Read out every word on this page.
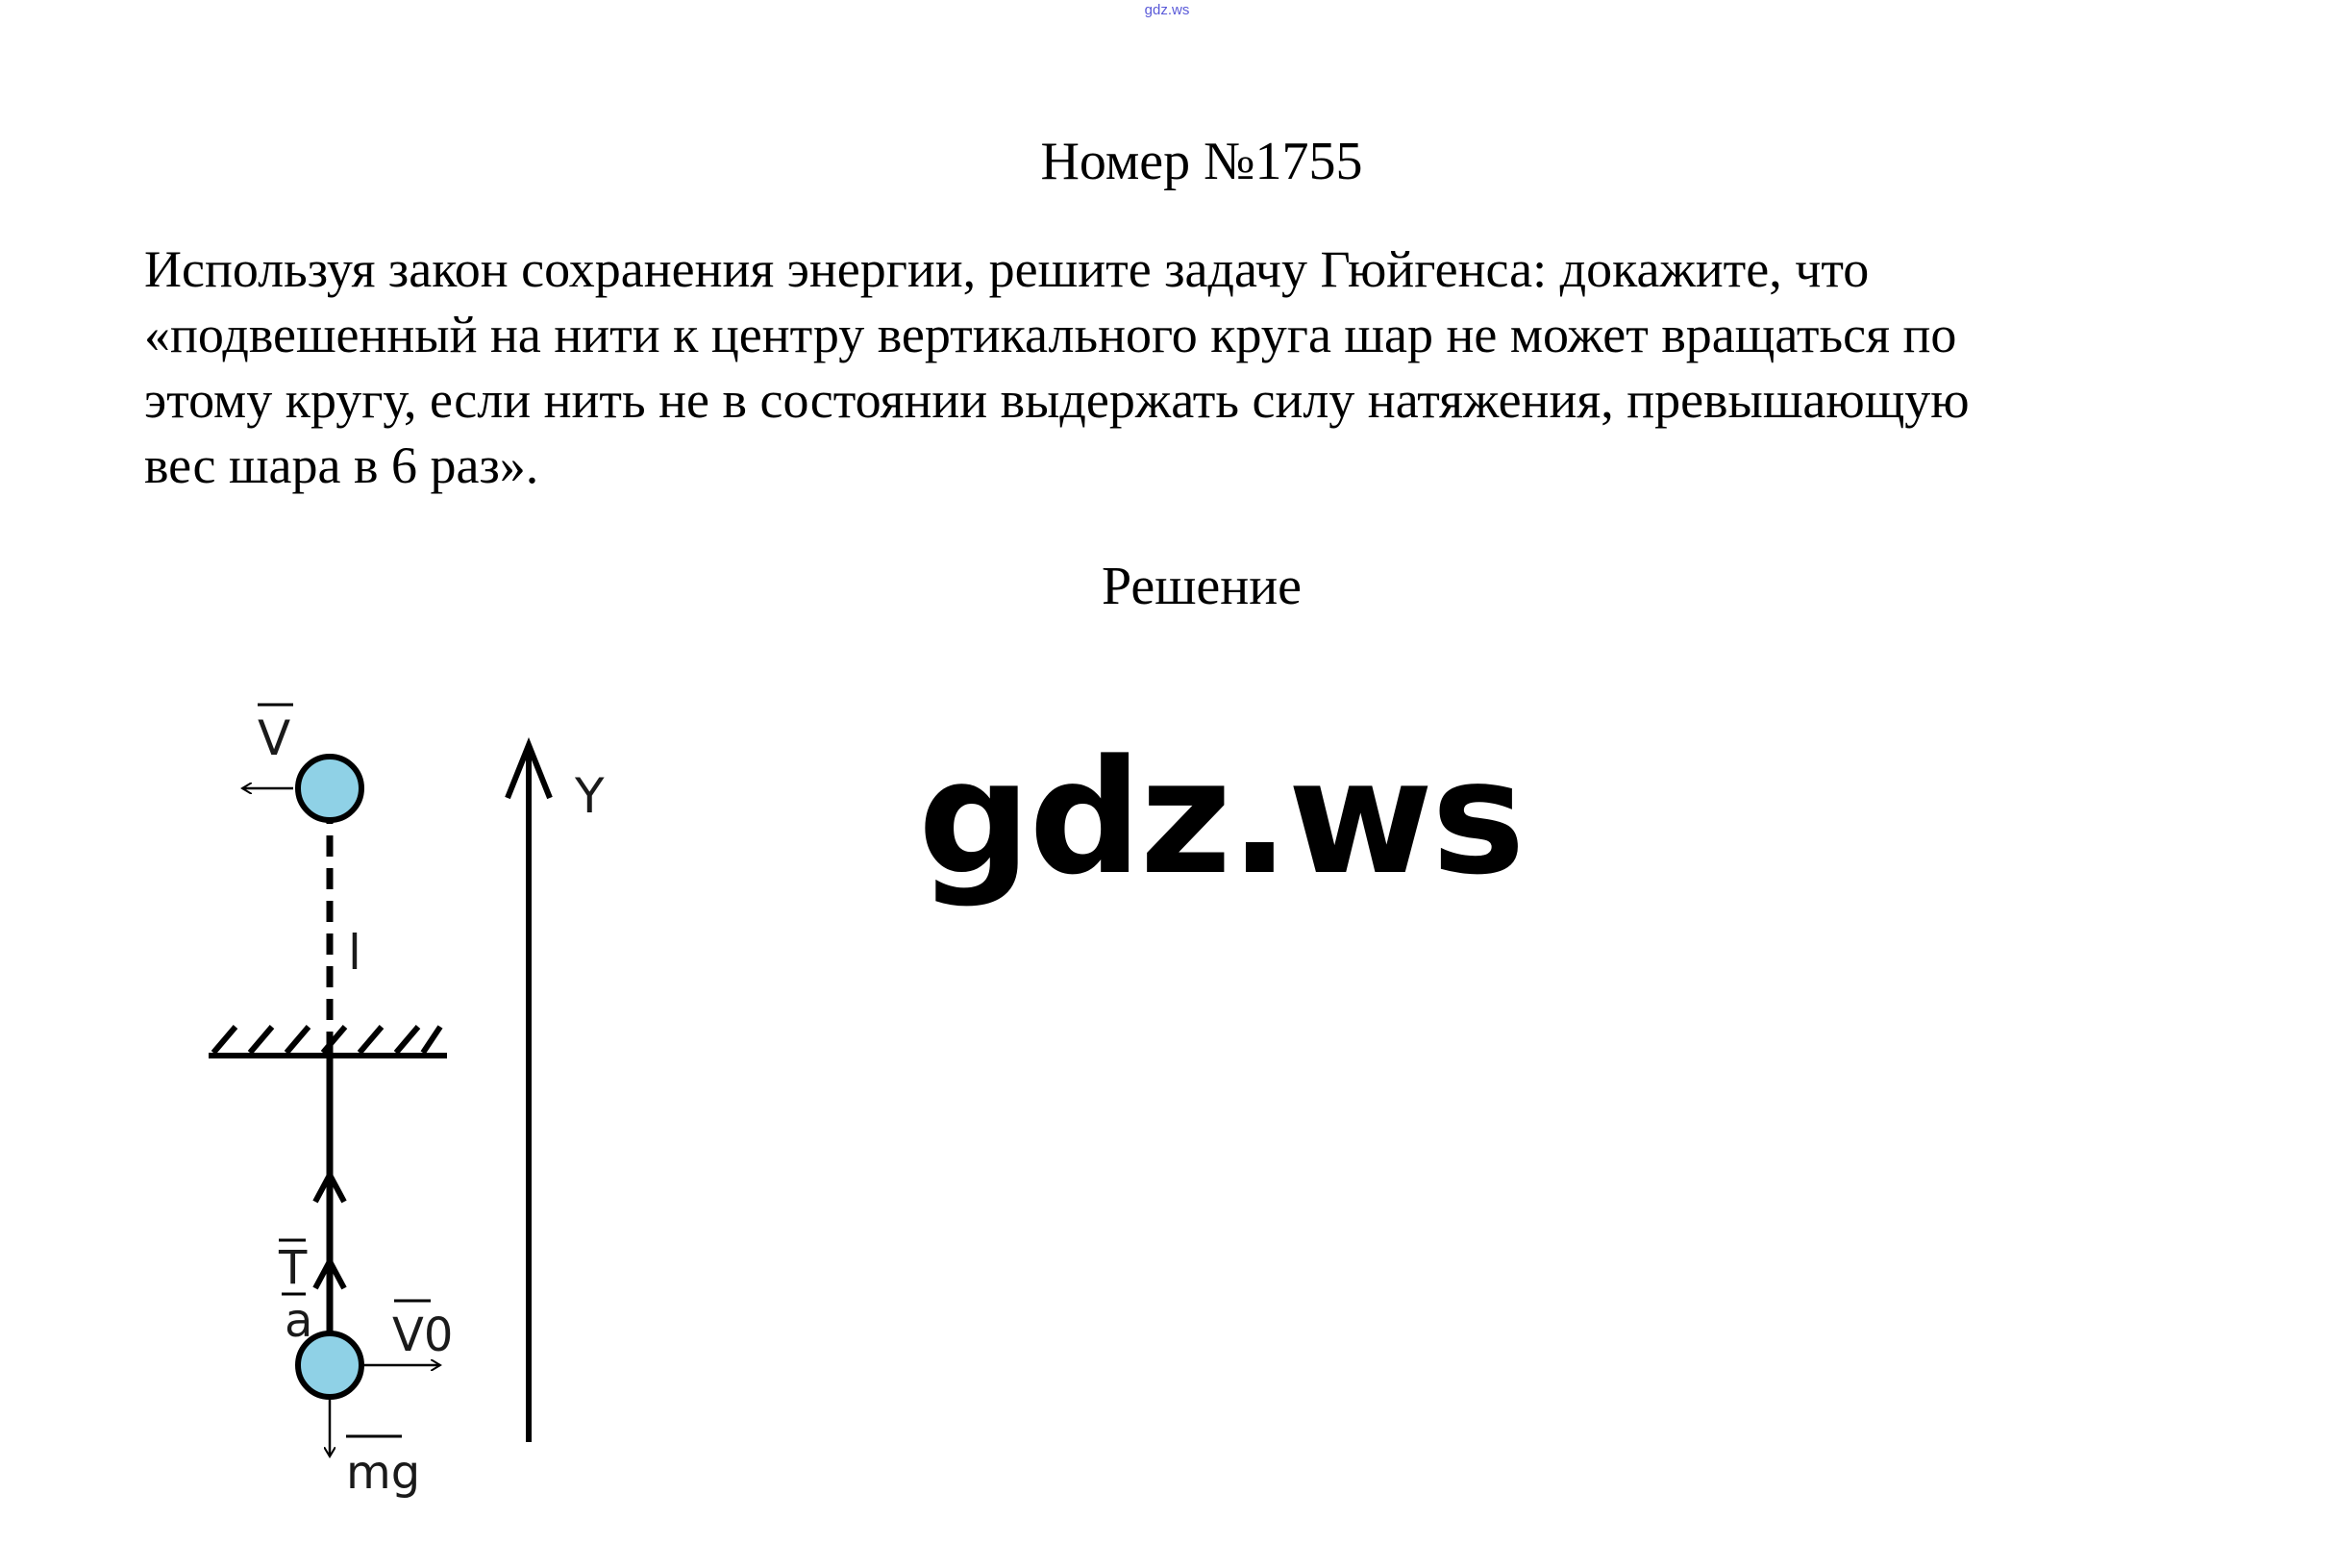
gdz.ws
Номер №1755

Используя закон сохранения энергии, решите задачу Гюйгенса: докажите, что
«подвешенный на нити к центру вертикального круга шар не может вращаться по
этому кругу, если нить не в состоянии выдержать силу натяжения, превышающую
вес шара в 6 раз».

Решение
gdz.ws
Y
V
l
T
a V0
mg
